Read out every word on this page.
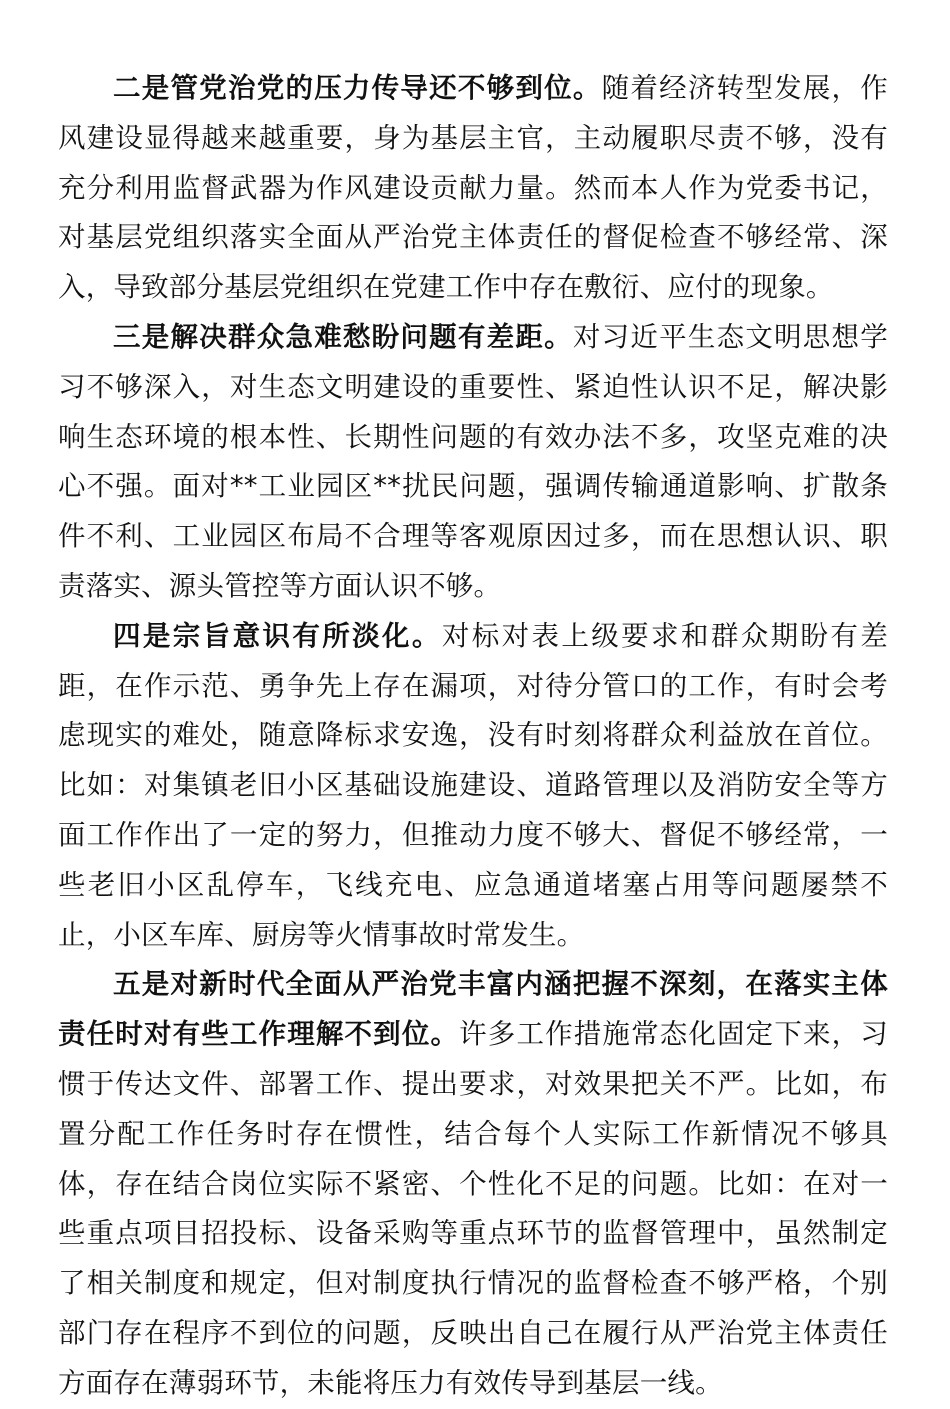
二是管党治党的压力传导还不够到位。随着经济转型发展，作风建设显得越来越重要，身为基层主官，主动履职尽责不够，没有充分利用监督武器为作风建设贡献力量。然而本人作为党委书记，对基层党组织落实全面从严治党主体责任的督促检查不够经常、深入，导致部分基层党组织在党建工作中存在敷衍、应付的现象。

三是解决群众急难愁盼问题有差距。对习近平生态文明思想学习不够深入，对生态文明建设的重要性、紧迫性认识不足，解决影响生态环境的根本性、长期性问题的有效办法不多，攻坚克难的决心不强。面对**工业园区**扰民问题，强调传输通道影响、扩散条件不利、工业园区布局不合理等客观原因过多，而在思想认识、职责落实、源头管控等方面认识不够。

四是宗旨意识有所淡化。对标对表上级要求和群众期盼有差距，在作示范、勇争先上存在漏项，对待分管口的工作，有时会考虑现实的难处，随意降标求安逸，没有时刻将群众利益放在首位。比如：对集镇老旧小区基础设施建设、道路管理以及消防安全等方面工作作出了一定的努力，但推动力度不够大、督促不够经常，一些老旧小区乱停车，飞线充电、应急通道堵塞占用等问题屡禁不止，小区车库、厨房等火情事故时常发生。

五是对新时代全面从严治党丰富内涵把握不深刻，在落实主体责任时对有些工作理解不到位。许多工作措施常态化固定下来，习惯于传达文件、部署工作、提出要求，对效果把关不严。比如，布置分配工作任务时存在惯性，结合每个人实际工作新情况不够具体，存在结合岗位实际不紧密、个性化不足的问题。比如：在对一些重点项目招投标、设备采购等重点环节的监督管理中，虽然制定了相关制度和规定，但对制度执行情况的监督检查不够严格，个别部门存在程序不到位的问题，反映出自己在履行从严治党主体责任方面存在薄弱环节，未能将压力有效传导到基层一线。
